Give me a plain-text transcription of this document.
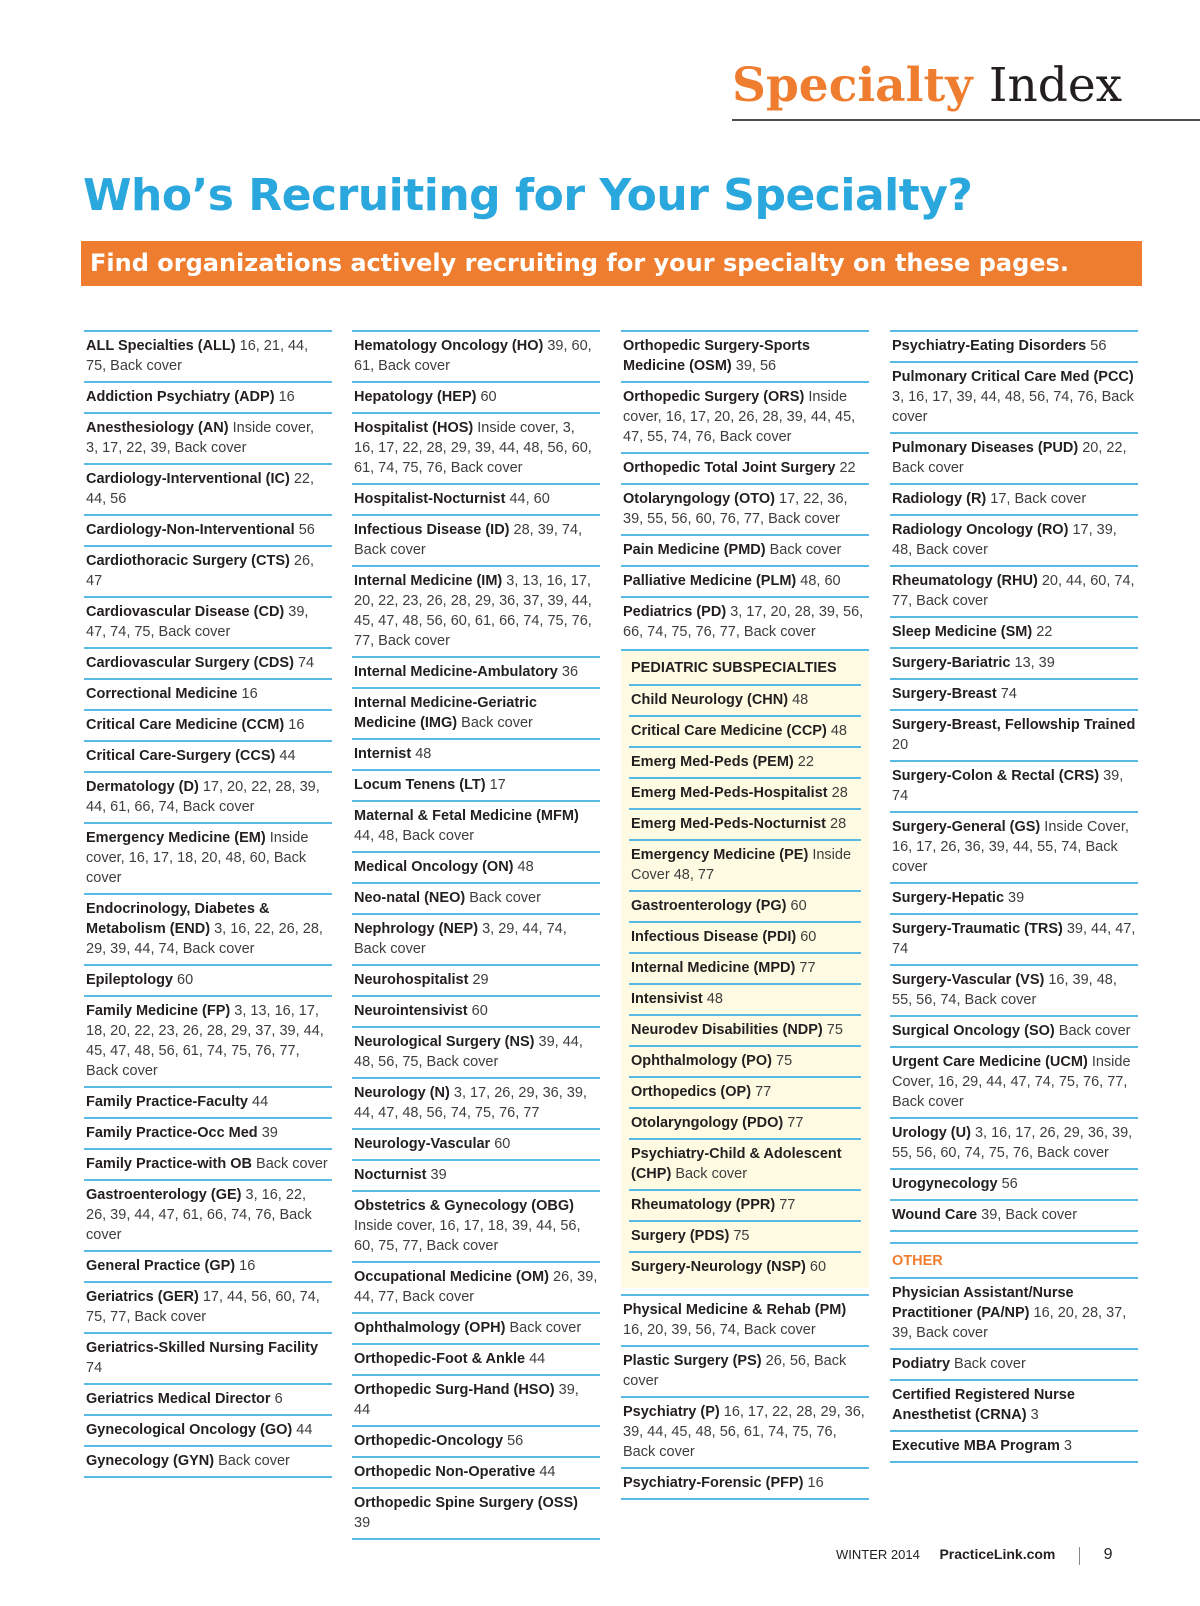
Specialty Index
Who’s Recruiting for Your Specialty?
Find organizations actively recruiting for your specialty on these pages.
ALL Specialties (ALL) 16, 21, 44, 75, Back cover
Addiction Psychiatry (ADP) 16
Anesthesiology (AN) Inside cover, 3, 17, 22, 39, Back cover
Cardiology-Interventional (IC) 22, 44, 56
Cardiology-Non-Interventional 56
Cardiothoracic Surgery (CTS) 26, 47
Cardiovascular Disease (CD) 39, 47, 74, 75, Back cover
Cardiovascular Surgery (CDS) 74
Correctional Medicine 16
Critical Care Medicine (CCM) 16
Critical Care-Surgery (CCS) 44
Dermatology (D) 17, 20, 22, 28, 39, 44, 61, 66, 74, Back cover
Emergency Medicine (EM) Inside cover, 16, 17, 18, 20, 48, 60, Back cover
Endocrinology, Diabetes & Metabolism (END) 3, 16, 22, 26, 28, 29, 39, 44, 74, Back cover
Epileptology 60
Family Medicine (FP) 3, 13, 16, 17, 18, 20, 22, 23, 26, 28, 29, 37, 39, 44, 45, 47, 48, 56, 61, 74, 75, 76, 77, Back cover
Family Practice-Faculty 44
Family Practice-Occ Med 39
Family Practice-with OB Back cover
Gastroenterology (GE) 3, 16, 22, 26, 39, 44, 47, 61, 66, 74, 76, Back cover
General Practice (GP) 16
Geriatrics (GER) 17, 44, 56, 60, 74, 75, 77, Back cover
Geriatrics-Skilled Nursing Facility 74
Geriatrics Medical Director 6
Gynecological Oncology (GO) 44
Gynecology (GYN) Back cover
Hematology Oncology (HO) 39, 60, 61, Back cover
Hepatology (HEP) 60
Hospitalist (HOS) Inside cover, 3, 16, 17, 22, 28, 29, 39, 44, 48, 56, 60, 61, 74, 75, 76, Back cover
Hospitalist-Nocturnist 44, 60
Infectious Disease (ID) 28, 39, 74, Back cover
Internal Medicine (IM) 3, 13, 16, 17, 20, 22, 23, 26, 28, 29, 36, 37, 39, 44, 45, 47, 48, 56, 60, 61, 66, 74, 75, 76, 77, Back cover
Internal Medicine-Ambulatory 36
Internal Medicine-Geriatric Medicine (IMG) Back cover
Internist 48
Locum Tenens (LT) 17
Maternal & Fetal Medicine (MFM) 44, 48, Back cover
Medical Oncology (ON) 48
Neo-natal (NEO) Back cover
Nephrology (NEP) 3, 29, 44, 74, Back cover
Neurohospitalist 29
Neurointensivist 60
Neurological Surgery (NS) 39, 44, 48, 56, 75, Back cover
Neurology (N) 3, 17, 26, 29, 36, 39, 44, 47, 48, 56, 74, 75, 76, 77
Neurology-Vascular 60
Nocturnist 39
Obstetrics & Gynecology (OBG) Inside cover, 16, 17, 18, 39, 44, 56, 60, 75, 77, Back cover
Occupational Medicine (OM) 26, 39, 44, 77, Back cover
Ophthalmology (OPH) Back cover
Orthopedic-Foot & Ankle 44
Orthopedic Surg-Hand (HSO) 39, 44
Orthopedic-Oncology 56
Orthopedic Non-Operative 44
Orthopedic Spine Surgery (OSS) 39
Orthopedic Surgery-Sports Medicine (OSM) 39, 56
Orthopedic Surgery (ORS) Inside cover, 16, 17, 20, 26, 28, 39, 44, 45, 47, 55, 74, 76, Back cover
Orthopedic Total Joint Surgery 22
Otolaryngology (OTO) 17, 22, 36, 39, 55, 56, 60, 76, 77, Back cover
Pain Medicine (PMD) Back cover
Palliative Medicine (PLM) 48, 60
Pediatrics (PD) 3, 17, 20, 28, 39, 56, 66, 74, 75, 76, 77, Back cover
PEDIATRIC SUBSPECIALTIES
Child Neurology (CHN) 48
Critical Care Medicine (CCP) 48
Emerg Med-Peds (PEM) 22
Emerg Med-Peds-Hospitalist 28
Emerg Med-Peds-Nocturnist 28
Emergency Medicine (PE) Inside Cover 48, 77
Gastroenterology (PG) 60
Infectious Disease (PDI) 60
Internal Medicine (MPD) 77
Intensivist 48
Neurodev Disabilities (NDP) 75
Ophthalmology (PO) 75
Orthopedics (OP) 77
Otolaryngology (PDO) 77
Psychiatry-Child & Adolescent (CHP) Back cover
Rheumatology (PPR) 77
Surgery (PDS) 75
Surgery-Neurology (NSP) 60
Physical Medicine & Rehab (PM) 16, 20, 39, 56, 74, Back cover
Plastic Surgery (PS) 26, 56, Back cover
Psychiatry (P) 16, 17, 22, 28, 29, 36, 39, 44, 45, 48, 56, 61, 74, 75, 76, Back cover
Psychiatry-Forensic (PFP) 16
Psychiatry-Eating Disorders 56
Pulmonary Critical Care Med (PCC) 3, 16, 17, 39, 44, 48, 56, 74, 76, Back cover
Pulmonary Diseases (PUD) 20, 22, Back cover
Radiology (R) 17, Back cover
Radiology Oncology (RO) 17, 39, 48, Back cover
Rheumatology (RHU) 20, 44, 60, 74, 77, Back cover
Sleep Medicine (SM) 22
Surgery-Bariatric 13, 39
Surgery-Breast 74
Surgery-Breast, Fellowship Trained 20
Surgery-Colon & Rectal (CRS) 39, 74
Surgery-General (GS) Inside Cover, 16, 17, 26, 36, 39, 44, 55, 74, Back cover
Surgery-Hepatic 39
Surgery-Traumatic (TRS) 39, 44, 47, 74
Surgery-Vascular (VS) 16, 39, 48, 55, 56, 74, Back cover
Surgical Oncology (SO) Back cover
Urgent Care Medicine (UCM) Inside Cover, 16, 29, 44, 47, 74, 75, 76, 77, Back cover
Urology (U) 3, 16, 17, 26, 29, 36, 39, 55, 56, 60, 74, 75, 76, Back cover
Urogynecology 56
Wound Care 39, Back cover
OTHER
Physician Assistant/Nurse Practitioner (PA/NP) 16, 20, 28, 37, 39, Back cover
Podiatry Back cover
Certified Registered Nurse Anesthetist (CRNA) 3
Executive MBA Program 3
WINTER 2014 PracticeLink.com	9
